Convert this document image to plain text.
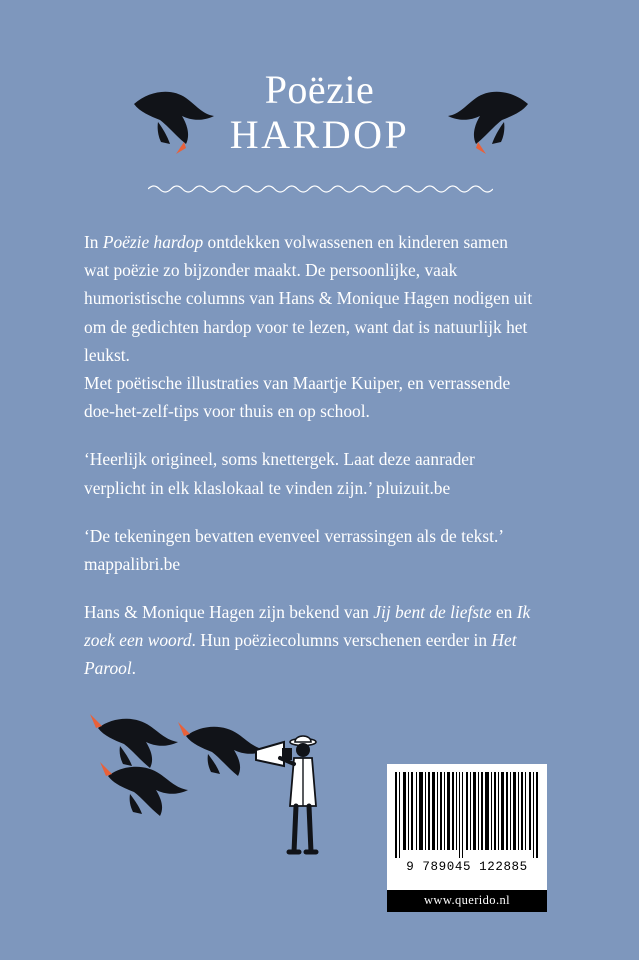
Poëzie
HARDOP

In Poëzie hardop ontdekken volwassenen en kinderen samen wat poëzie zo bijzonder maakt. De persoonlijke, vaak humoristische columns van Hans & Monique Hagen nodigen uit om de gedichten hardop voor te lezen, want dat is natuurlijk het leukst.

Met poëtische illustraties van Maartje Kuiper, en verrassende doe-het-zelf-tips voor thuis en op school.

‘Heerlijk origineel, soms knettergek. Laat deze aanrader verplicht in elk klaslokaal te vinden zijn.’ pluizuit.be

‘De tekeningen bevatten evenveel verrassingen als de tekst.’ mappalibri.be

Hans & Monique Hagen zijn bekend van Jij bent de liefste en Ik zoek een woord. Hun poëziecolumns verschenen eerder in Het Parool.

9 789045 122885
www.querido.nl
